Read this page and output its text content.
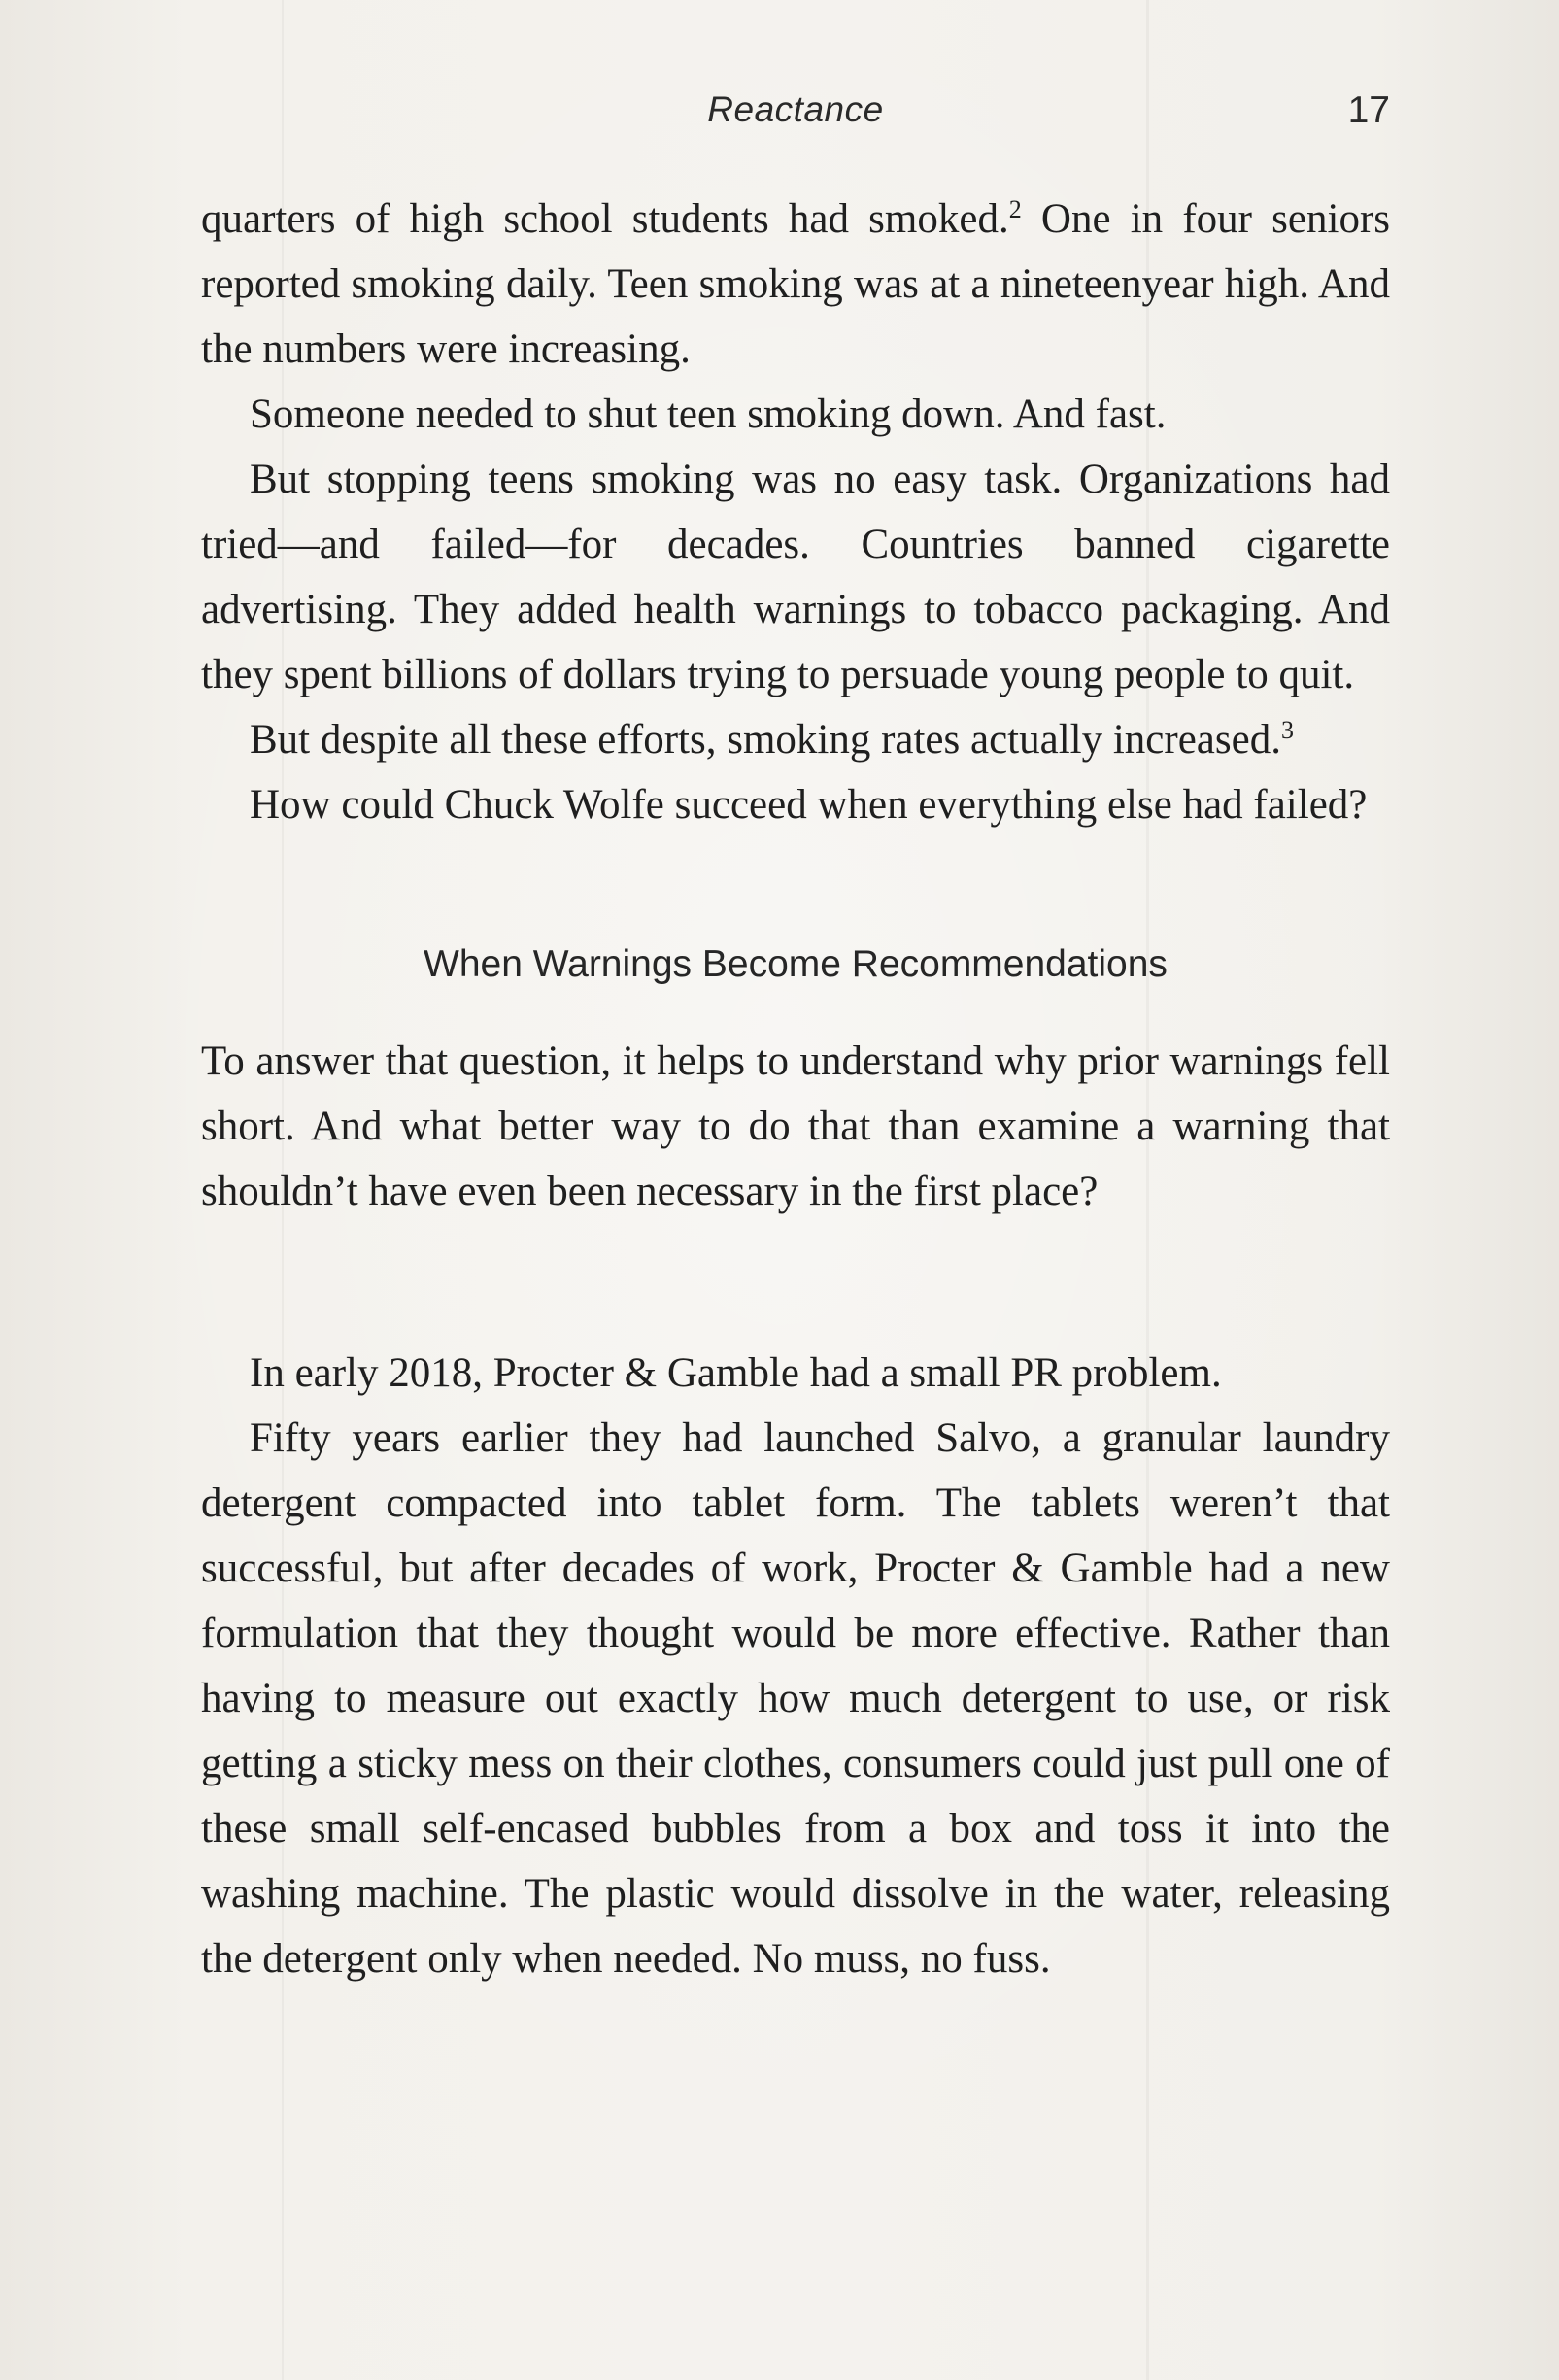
Reactance	17

quarters of high school students had smoked.$^2$ One in four seniors reported smoking daily. Teen smoking was at a nineteenyear high. And the numbers were increasing.

Someone needed to shut teen smoking down. And fast.

But stopping teens smoking was no easy task. Organizations had tried—and failed—for decades. Countries banned cigarette advertising. They added health warnings to tobacco packaging. And they spent billions of dollars trying to persuade young people to quit.

But despite all these efforts, smoking rates actually increased.$^3$

How could Chuck Wolfe succeed when everything else had failed?

When Warnings Become Recommendations

To answer that question, it helps to understand why prior warnings fell short. And what better way to do that than examine a warning that shouldn’t have even been necessary in the first place?

In early 2018, Procter & Gamble had a small PR problem.

Fifty years earlier they had launched Salvo, a granular laundry detergent compacted into tablet form. The tablets weren’t that successful, but after decades of work, Procter & Gamble had a new formulation that they thought would be more effective. Rather than having to measure out exactly how much detergent to use, or risk getting a sticky mess on their clothes, consumers could just pull one of these small self-encased bubbles from a box and toss it into the washing machine. The plastic would dissolve in the water, releasing the detergent only when needed. No muss, no fuss.
